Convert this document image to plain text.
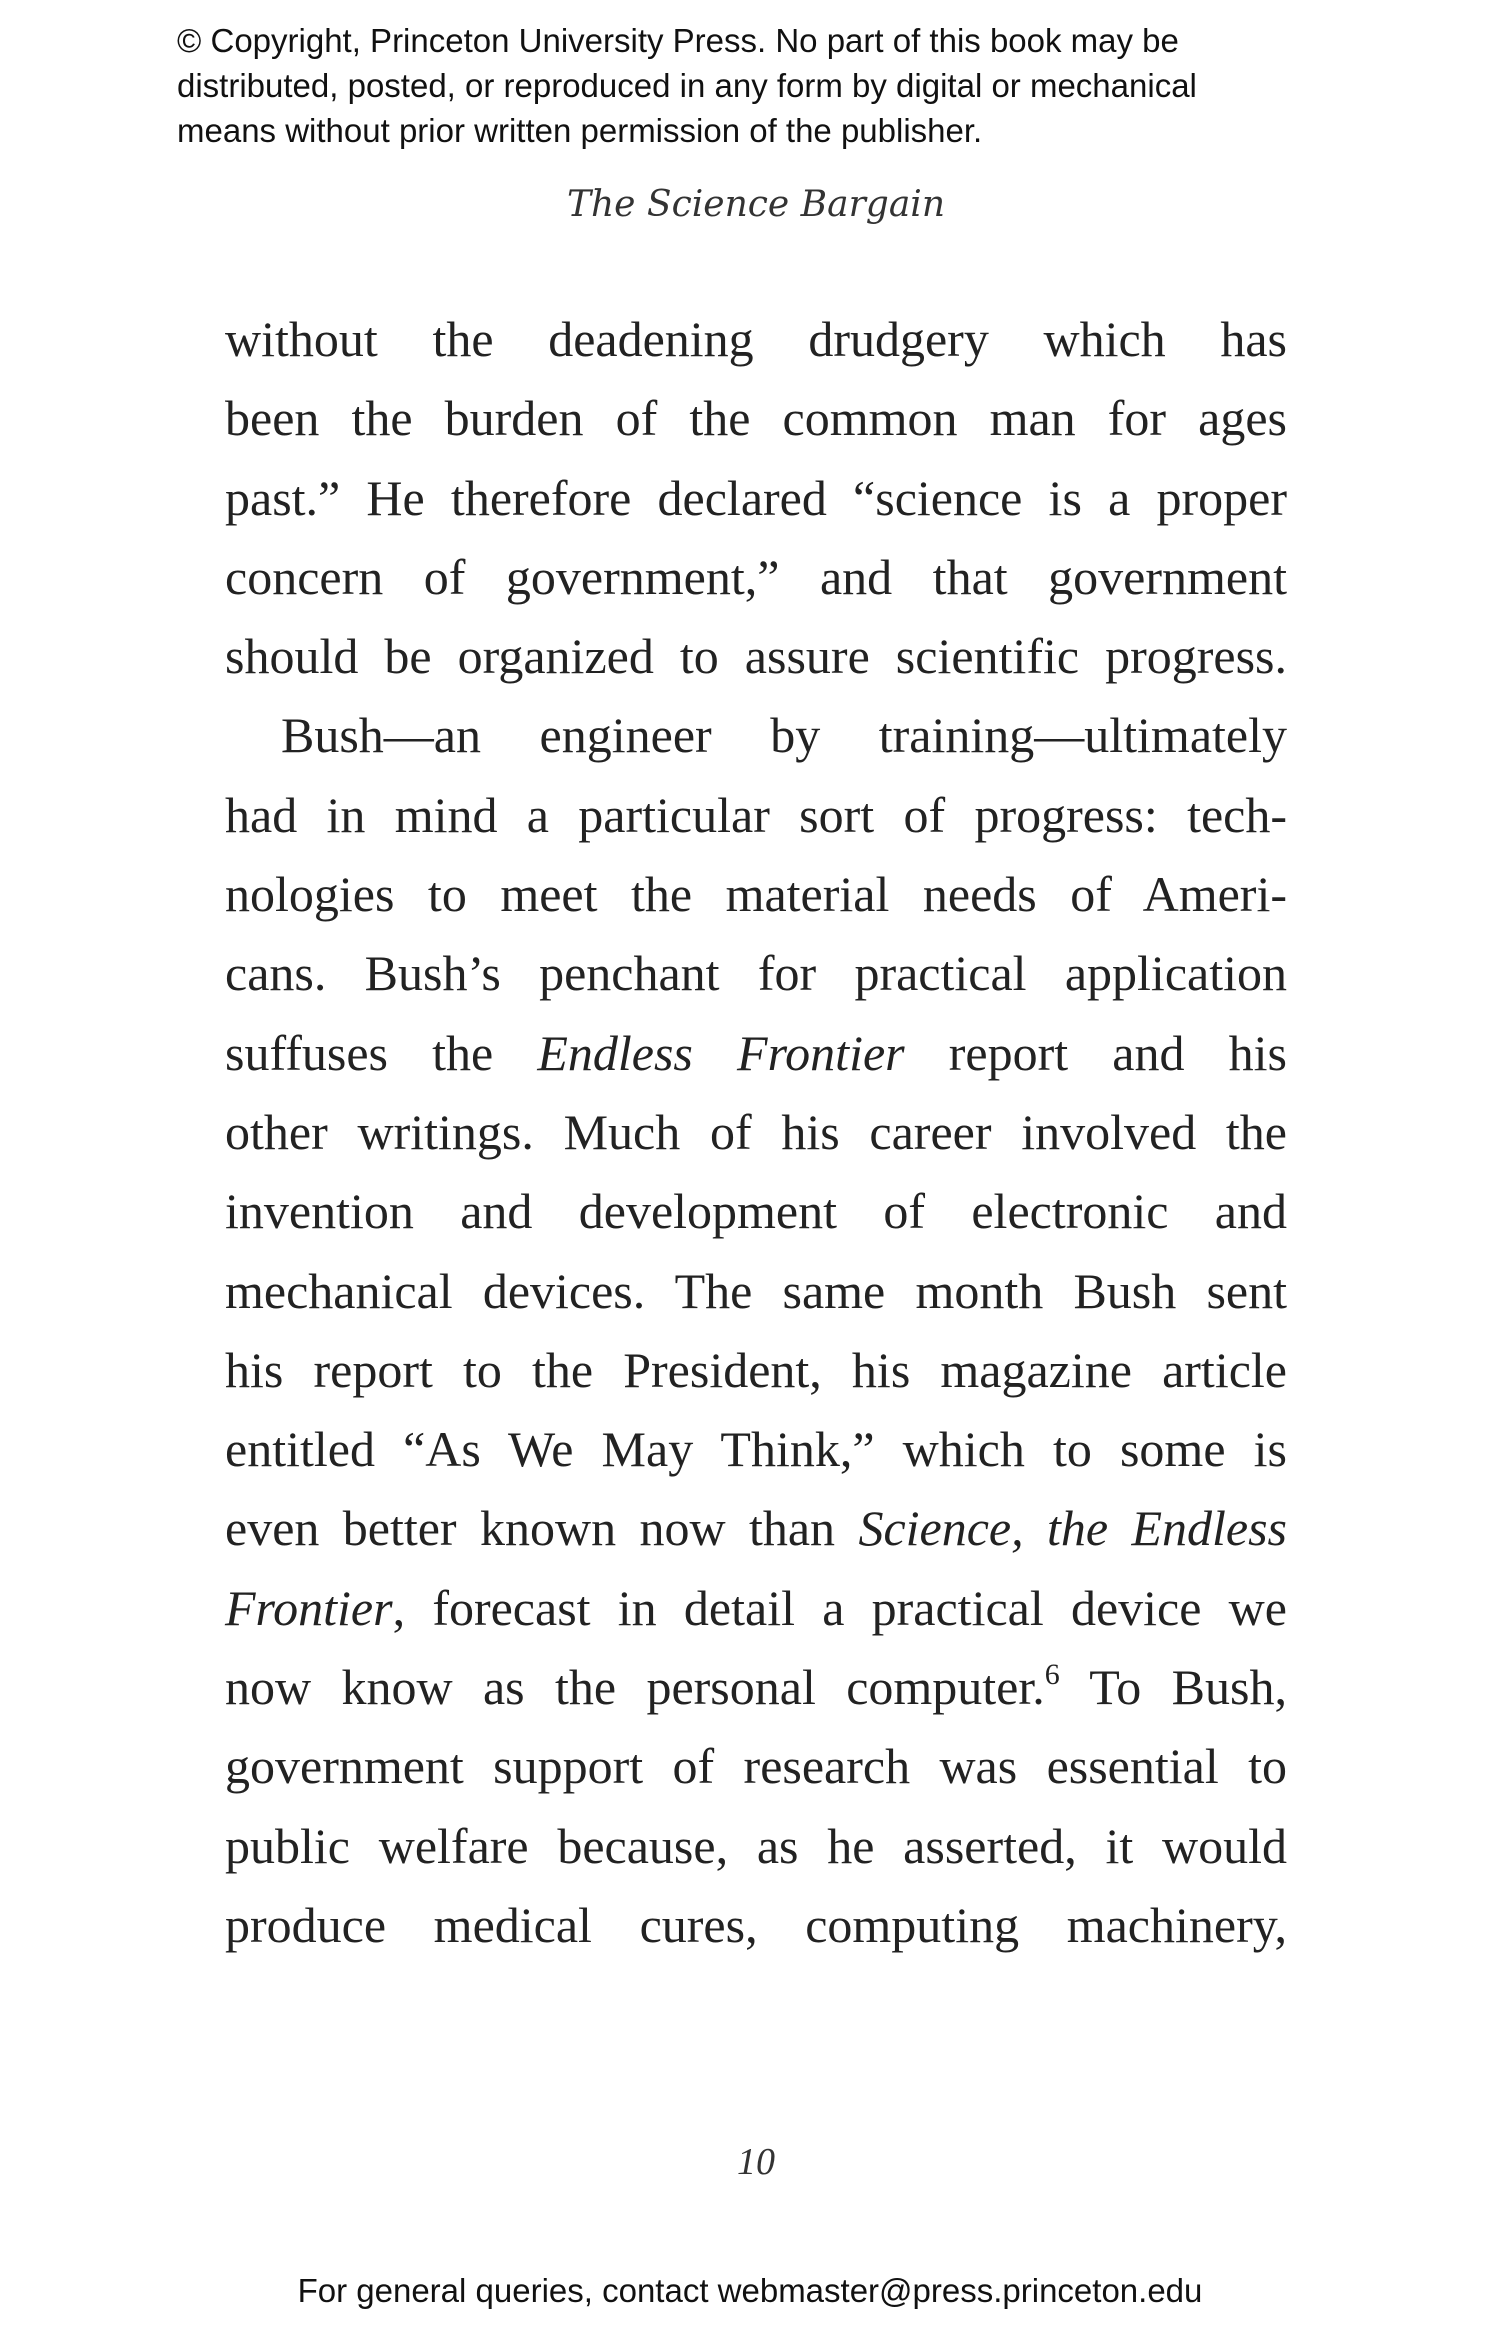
© Copyright, Princeton University Press. No part of this book may be
distributed, posted, or reproduced in any form by digital or mechanical
means without prior written permission of the publisher.
The Science Bargain
without the deadening drudgery which has
been the burden of the common man for ages
past.” He therefore declared “science is a proper
concern of government,” and that government
should be organized to assure scientific progress.
Bush—an engineer by training—ultimately
had in mind a particular sort of progress: tech-
nologies to meet the material needs of Ameri-
cans. Bush’s penchant for practical application
suffuses the Endless Frontier report and his
other writings. Much of his career involved the
invention and development of electronic and
mechanical devices. The same month Bush sent
his report to the President, his magazine article
entitled “As We May Think,” which to some is
even better known now than Science, the Endless
Frontier, forecast in detail a practical device we
now know as the personal computer.$^6$ To Bush,
government support of research was essential to
public welfare because, as he asserted, it would
produce medical cures, computing machinery,
10
For general queries, contact webmaster@press.princeton.edu
